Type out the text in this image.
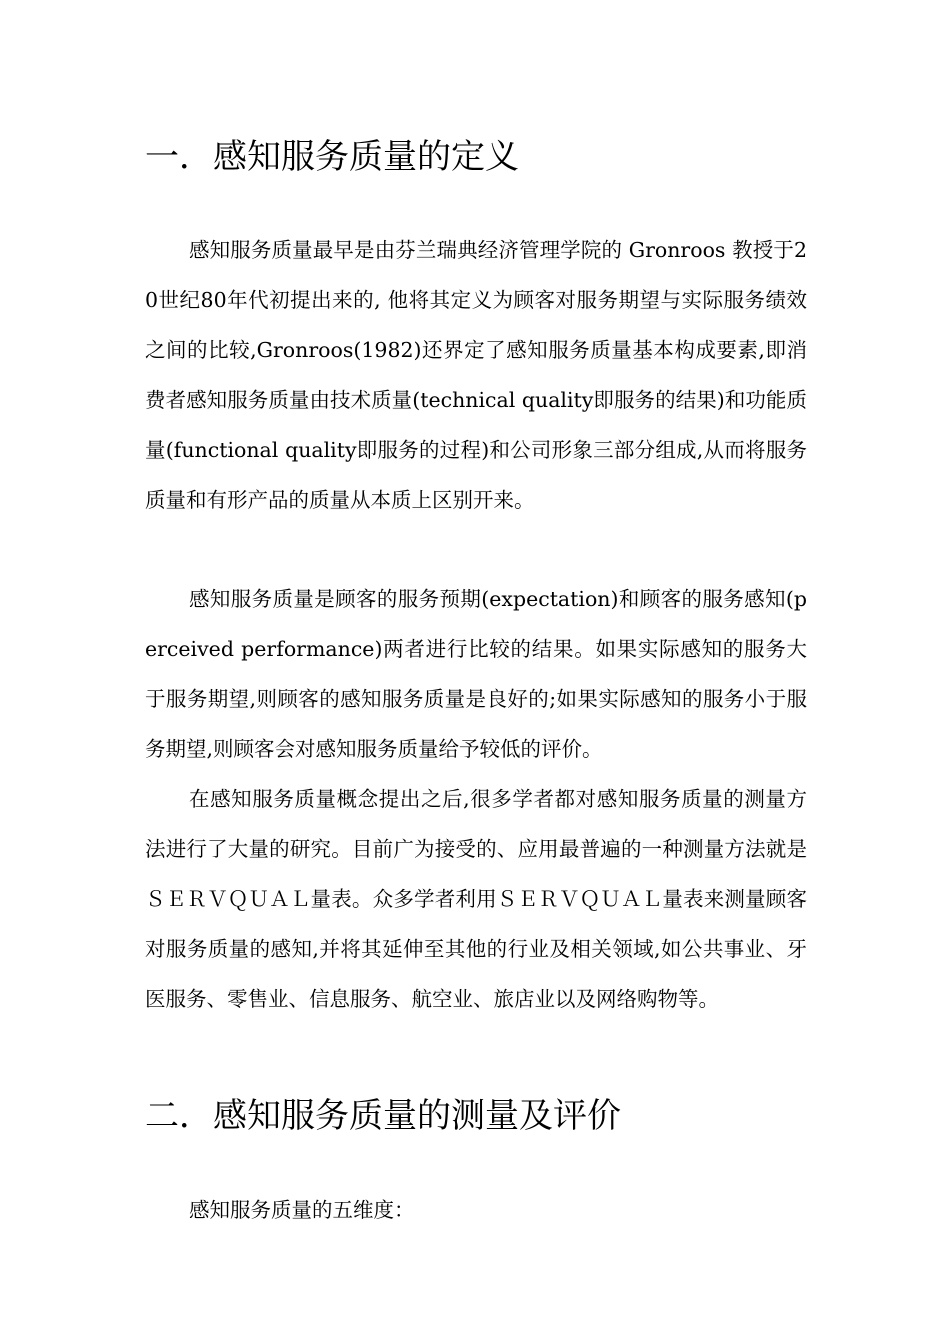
一．感知服务质量的定义

感知服务质量最早是由芬兰瑞典经济管理学院的 Gronroos 教授于20世纪80年代初提出来的, 他将其定义为顾客对服务期望与实际服务绩效之间的比较,Gronroos(1982)还界定了感知服务质量基本构成要素,即消费者感知服务质量由技术质量(technical quality即服务的结果)和功能质量(functional quality即服务的过程)和公司形象三部分组成,从而将服务质量和有形产品的质量从本质上区别开来。

感知服务质量是顾客的服务预期(expectation)和顾客的服务感知(perceived performance)两者进行比较的结果。如果实际感知的服务大于服务期望,则顾客的感知服务质量是良好的;如果实际感知的服务小于服务期望,则顾客会对感知服务质量给予较低的评价。

在感知服务质量概念提出之后,很多学者都对感知服务质量的测量方法进行了大量的研究。目前广为接受的、应用最普遍的一种测量方法就是ＳＥＲＶＱＵＡＬ量表。众多学者利用ＳＥＲＶＱＵＡＬ量表来测量顾客对服务质量的感知,并将其延伸至其他的行业及相关领域,如公共事业、牙医服务、零售业、信息服务、航空业、旅店业以及网络购物等。

二．感知服务质量的测量及评价

感知服务质量的五维度：
